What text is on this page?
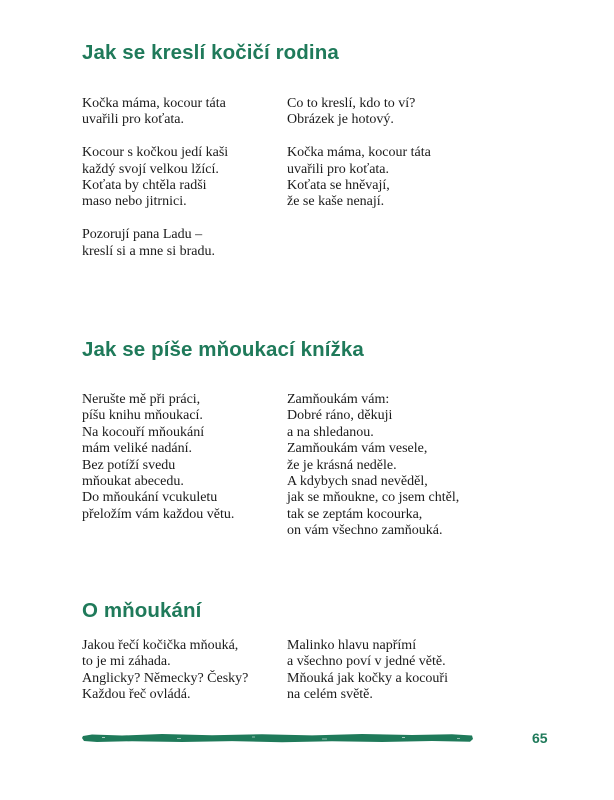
Jak se kreslí kočičí rodina
Kočka máma, kocour táta
uvařili pro koťata.
Kocour s kočkou jedí kaši
každý svojí velkou lžící.
Koťata by chtěla radši
maso nebo jitrnici.
Pozorují pana Ladu –
kreslí si a mne si bradu.
Co to kreslí, kdo to ví?
Obrázek je hotový.
Kočka máma, kocour táta
uvařili pro koťata.
Koťata se hněvají,
že se kaše nenají.
Jak se píše mňoukací knížka
Nerušte mě při práci,
píšu knihu mňoukací.
Na kocouří mňoukání
mám veliké nadání.
Bez potíží svedu
mňoukat abecedu.
Do mňoukání vcukuletu
přeložím vám každou větu.
Zamňoukám vám:
Dobré ráno, děkuji
a na shledanou.
Zamňoukám vám vesele,
že je krásná neděle.
A kdybych snad nevěděl,
jak se mňoukne, co jsem chtěl,
tak se zeptám kocourka,
on vám všechno zamňouká.
O mňoukání
Jakou řečí kočička mňouká,
to je mi záhada.
Anglicky? Německy? Česky?
Každou řeč ovládá.
Malinko hlavu napřímí
a všechno poví v jedné větě.
Mňouká jak kočky a kocouři
na celém světě.
65
